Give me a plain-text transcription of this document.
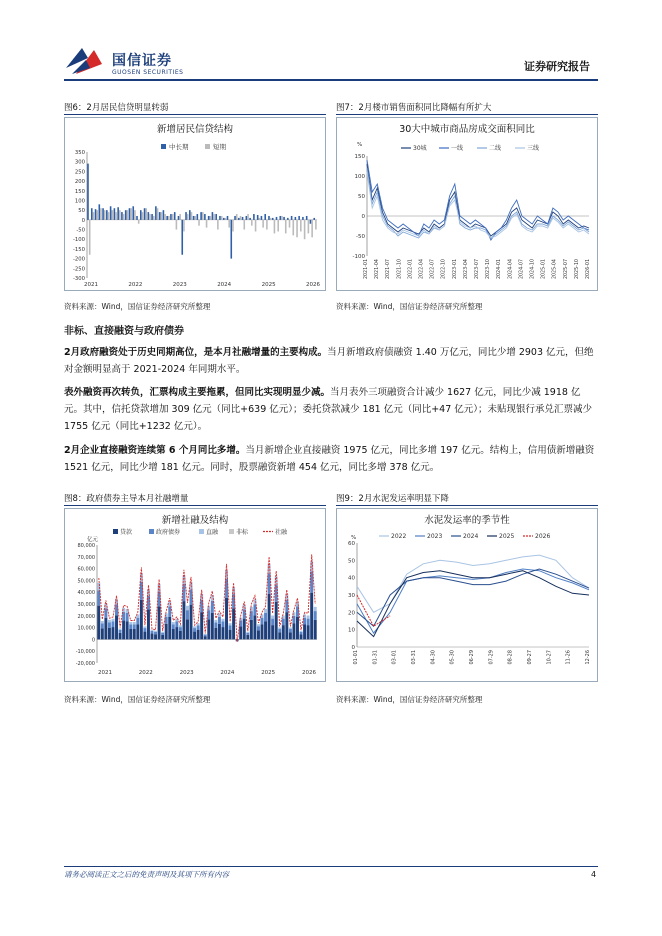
国信证券
GUOSEN SECURITIES	证券研究报告
图6：2月居民信贷明显转弱
新增居民信贷结构
中长期	短期
-300
-250
-200
-150
-100
-50
0
50
100
150
200
250
300
350
2021	2022	2023	2024	2025	2026
资料来源：Wind，国信证券经济研究所整理
图7：2月楼市销售面积同比降幅有所扩大
30大中城市商品房成交面积同比
%	30城	一线	二线	三线
-100
-50
0
50
100
150
2021-01 2021-04 2021-07 2021-10 2022-01 2022-04 2022-07 2022-10 2023-01 2023-04 2023-07 2023-10 2024-01 2024-04 2024-07 2024-10 2025-01 2025-04 2025-07 2025-10 2026-01
资料来源：Wind，国信证券经济研究所整理
非标、直接融资与政府债券
2月政府融资处于历史同期高位，是本月社融增量的主要构成。当月新增政府债融资 1.40 万亿元，同比少增 2903 亿元，但绝对金额明显高于 2021-2024 年同期水平。
表外融资再次转负，汇票构成主要拖累，但同比实现明显少减。当月表外三项融资合计减少 1627 亿元，同比少减 1918 亿元。其中，信托贷款增加 309 亿元（同比+639 亿元）；委托贷款减少 181 亿元（同比+47 亿元）；未贴现银行承兑汇票减少 1755 亿元（同比+1232 亿元）。
2月企业直接融资连续第 6 个月同比多增。当月新增企业直接融资 1975 亿元，同比多增 197 亿元。结构上，信用债新增融资 1521 亿元，同比少增 181 亿元。同时，股票融资新增 454 亿元，同比多增 378 亿元。
图8：政府债券主导本月社融增量
新增社融及结构
贷款	政府债券	直融	非标	社融
亿元
-20,000
-10,000
0
10,000
20,000
30,000
40,000
50,000
60,000
70,000
80,000
2021	2022	2023	2024	2025	2026
资料来源：Wind，国信证券经济研究所整理
图9：2月水泥发运率明显下降
水泥发运率的季节性
2022	2023	2024	2025	2026
%
0
10
20
30
40
50
60
01-01	01-31	03-01	03-31	04-30	05-30	06-29	07-29	08-28	09-27	10-27	11-26	12-26
资料来源：Wind，国信证券经济研究所整理
请务必阅读正文之后的免责声明及其项下所有内容	4
